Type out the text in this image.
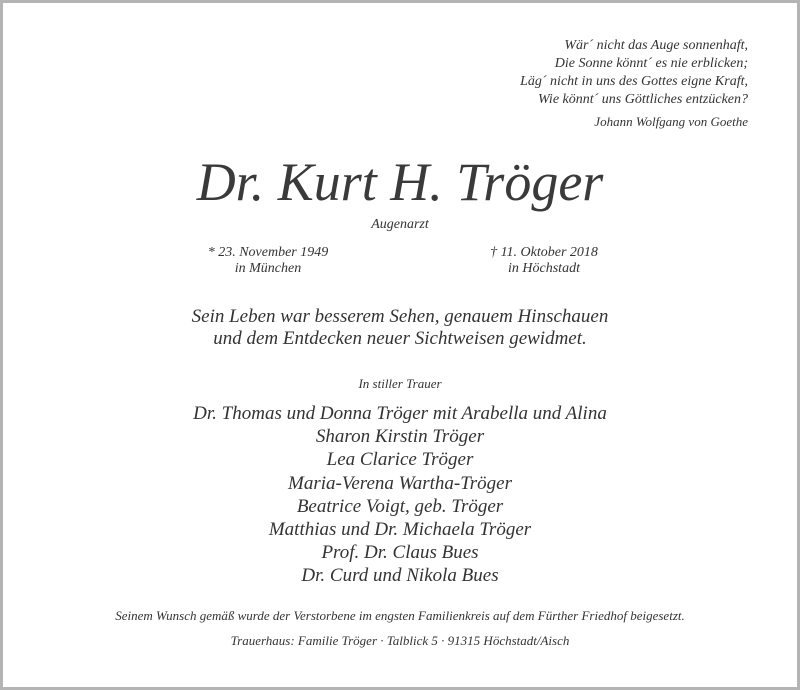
Wär´ nicht das Auge sonnenhaft,
Die Sonne könnt´ es nie erblicken;
Läg´ nicht in uns des Gottes eigne Kraft,
Wie könnt´ uns Göttliches entzücken?
Johann Wolfgang von Goethe
Dr. Kurt H. Tröger
Augenarzt
* 23. November 1949
in München
† 11. Oktober 2018
in Höchstadt
Sein Leben war besserem Sehen, genauem Hinschauen
und dem Entdecken neuer Sichtweisen gewidmet.
In stiller Trauer
Dr. Thomas und Donna Tröger mit Arabella und Alina
Sharon Kirstin Tröger
Lea Clarice Tröger
Maria-Verena Wartha-Tröger
Beatrice Voigt, geb. Tröger
Matthias und Dr. Michaela Tröger
Prof. Dr. Claus Bues
Dr. Curd und Nikola Bues
Seinem Wunsch gemäß wurde der Verstorbene im engsten Familienkreis auf dem Fürther Friedhof beigesetzt.
Trauerhaus: Familie Tröger · Talblick 5 · 91315 Höchstadt/Aisch
